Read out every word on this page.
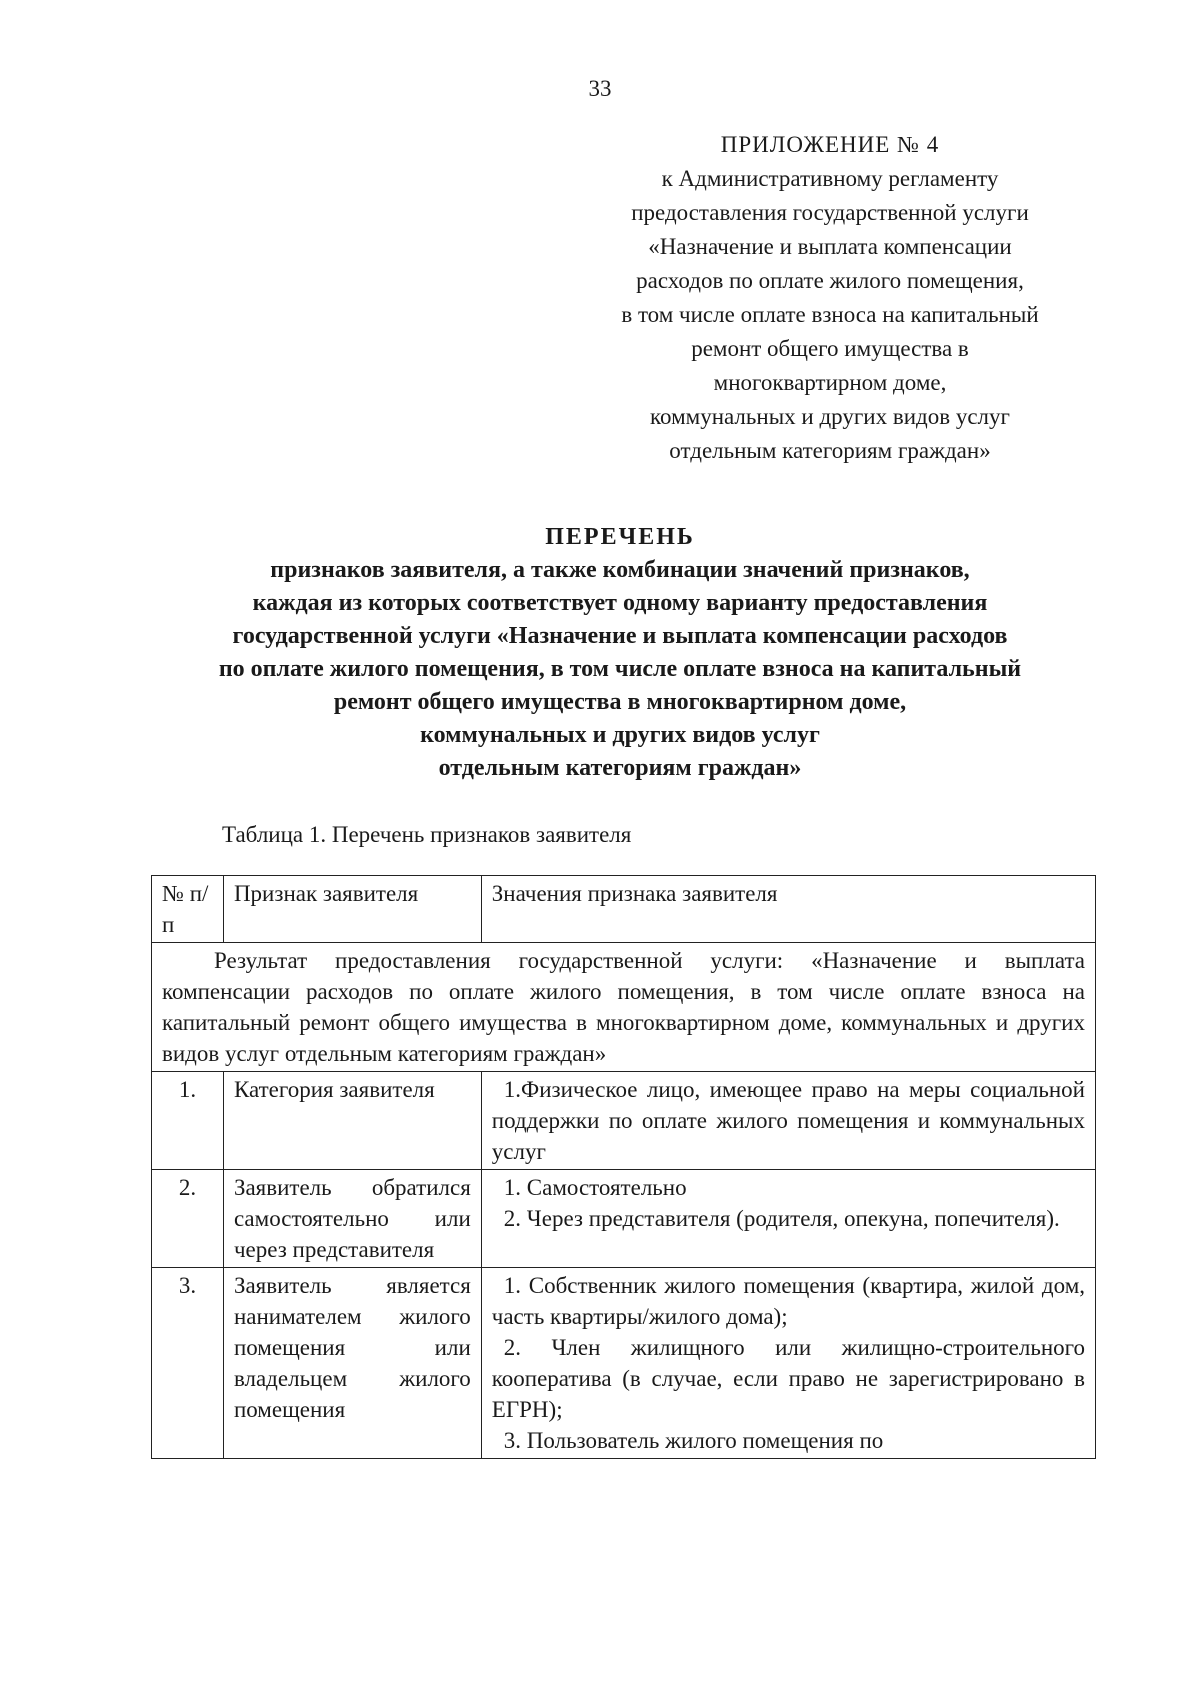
33
ПРИЛОЖЕНИЕ № 4
к Административному регламенту
предоставления государственной услуги
«Назначение и выплата компенсации
расходов по оплате жилого помещения,
в том числе оплате взноса на капитальный
ремонт общего имущества в
многоквартирном доме,
коммунальных и других видов услуг
отдельным категориям граждан»
ПЕРЕЧЕНЬ
признаков заявителя, а также комбинации значений признаков,
каждая из которых соответствует одному варианту предоставления
государственной услуги «Назначение и выплата компенсации расходов
по оплате жилого помещения, в том числе оплате взноса на капитальный
ремонт общего имущества в многоквартирном доме,
коммунальных и других видов услуг
отдельным категориям граждан»
Таблица 1. Перечень признаков заявителя
№ п/п	Признак заявителя	Значения признака заявителя

Результат предоставления государственной услуги: «Назначение и выплата компенсации расходов по оплате жилого помещения, в том числе оплате взноса на капитальный ремонт общего имущества в многоквартирном доме, коммунальных и других видов услуг отдельным категориям граждан»		

1.	Категория заявителя	1.Физическое лицо, имеющее право на меры социальной поддержки по оплате жилого помещения и коммунальных услуг

2.	Заявитель обратился самостоятельно или через представителя	1. Самостоятельно
2. Через представителя (родителя, опекуна, попечителя).

3.	Заявитель является нанимателем жилого помещения или владельцем жилого помещения	1. Собственник жилого помещения (квартира, жилой дом, часть квартиры/жилого дома);
2. Член жилищного или жилищно-строительного кооператива (в случае, если право не зарегистрировано в ЕГРН);
3. Пользователь жилого помещения по
